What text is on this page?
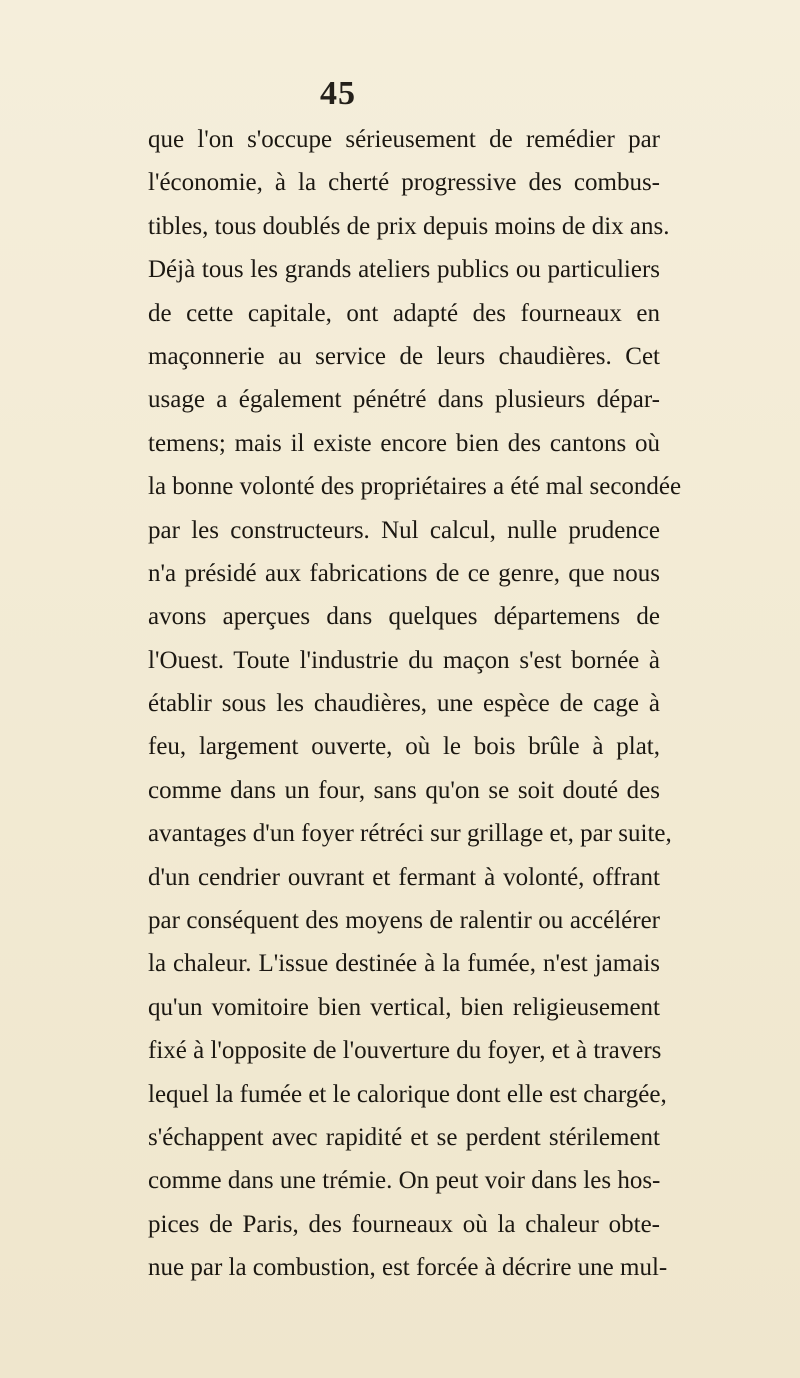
45
que l'on s'occupe sérieusement de remédier par
l'économie, à la cherté progressive des combus-
tibles, tous doublés de prix depuis moins de dix ans.
Déjà tous les grands ateliers publics ou particuliers
de cette capitale, ont adapté des fourneaux en
maçonnerie au service de leurs chaudières. Cet
usage a également pénétré dans plusieurs dépar-
temens; mais il existe encore bien des cantons où
la bonne volonté des propriétaires a été mal secondée
par les constructeurs. Nul calcul, nulle prudence
n'a présidé aux fabrications de ce genre, que nous
avons aperçues dans quelques départemens de
l'Ouest. Toute l'industrie du maçon s'est bornée à
établir sous les chaudières, une espèce de cage à
feu, largement ouverte, où le bois brûle à plat,
comme dans un four, sans qu'on se soit douté des
avantages d'un foyer rétréci sur grillage et, par suite,
d'un cendrier ouvrant et fermant à volonté, offrant
par conséquent des moyens de ralentir ou accélérer
la chaleur. L'issue destinée à la fumée, n'est jamais
qu'un vomitoire bien vertical, bien religieusement
fixé à l'opposite de l'ouverture du foyer, et à travers
lequel la fumée et le calorique dont elle est chargée,
s'échappent avec rapidité et se perdent stérilement
comme dans une trémie. On peut voir dans les hos-
pices de Paris, des fourneaux où la chaleur obte-
nue par la combustion, est forcée à décrire une mul-
